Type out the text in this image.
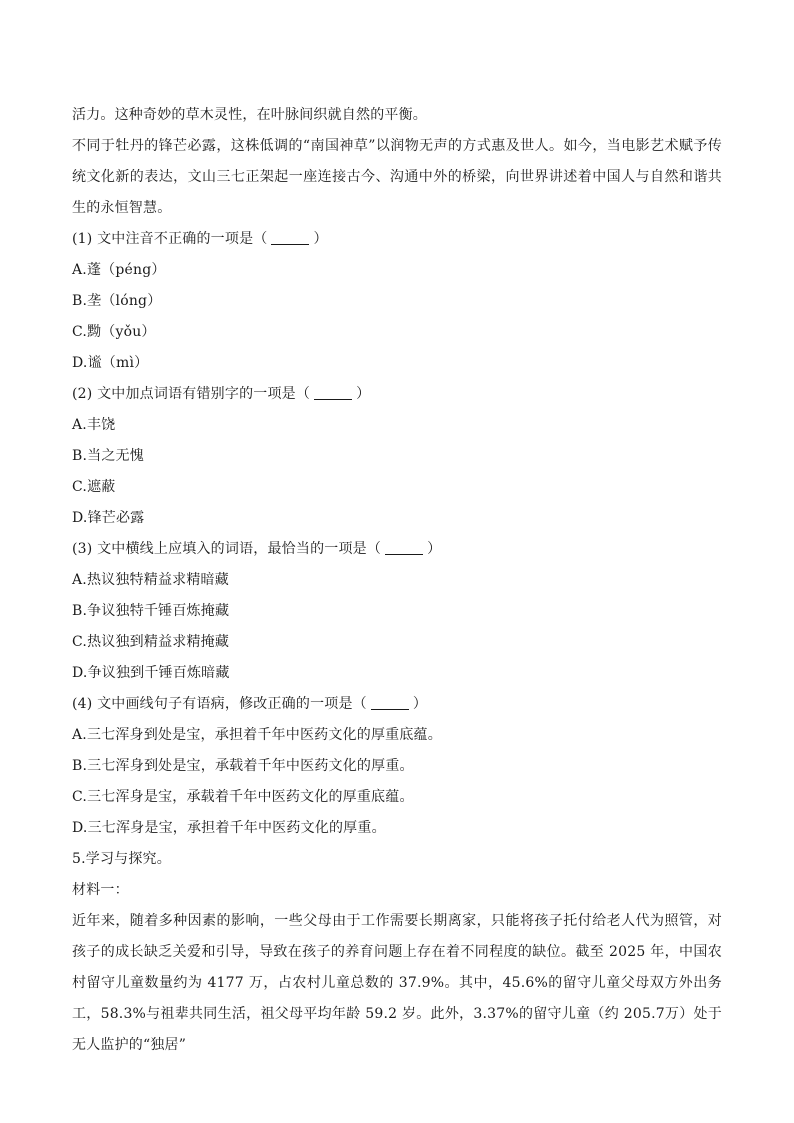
活力。这种奇妙的草木灵性，在叶脉间织就自然的平衡。
不同于牡丹的锋芒必露，这株低调的“南国神草”以润物无声的方式惠及世人。如今，当电影艺术赋予传统文化新的表达，文山三七正架起一座连接古今、沟通中外的桥梁，向世界讲述着中国人与自然和谐共生的永恒智慧。
(1) 文中注音不正确的一项是（	）
A.蓬（péng）
B.垄（lóng）
C.黝（yǒu）
D.谧（mì）
(2) 文中加点词语有错别字的一项是（	）
A.丰饶
B.当之无愧
C.遮蔽
D.锋芒必露
(3) 文中横线上应填入的词语，最恰当的一项是（	）
A.热议独特精益求精暗藏
B.争议独特千锤百炼掩藏
C.热议独到精益求精掩藏
D.争议独到千锤百炼暗藏
(4) 文中画线句子有语病，修改正确的一项是（	）
A.三七浑身到处是宝，承担着千年中医药文化的厚重底蕴。
B.三七浑身到处是宝，承载着千年中医药文化的厚重。
C.三七浑身是宝，承载着千年中医药文化的厚重底蕴。
D.三七浑身是宝，承担着千年中医药文化的厚重。
5.学习与探究。
材料一：
近年来，随着多种因素的影响，一些父母由于工作需要长期离家，只能将孩子托付给老人代为照管，对孩子的成长缺乏关爱和引导，导致在孩子的养育问题上存在着不同程度的缺位。截至 2025 年，中国农村留守儿童数量约为 4177 万，占农村儿童总数的 37.9%。其中，45.6%的留守儿童父母双方外出务工，58.3%与祖辈共同生活，祖父母平均年龄 59.2 岁。此外，3.37%的留守儿童（约 205.7万）处于无人监护的“独居”
